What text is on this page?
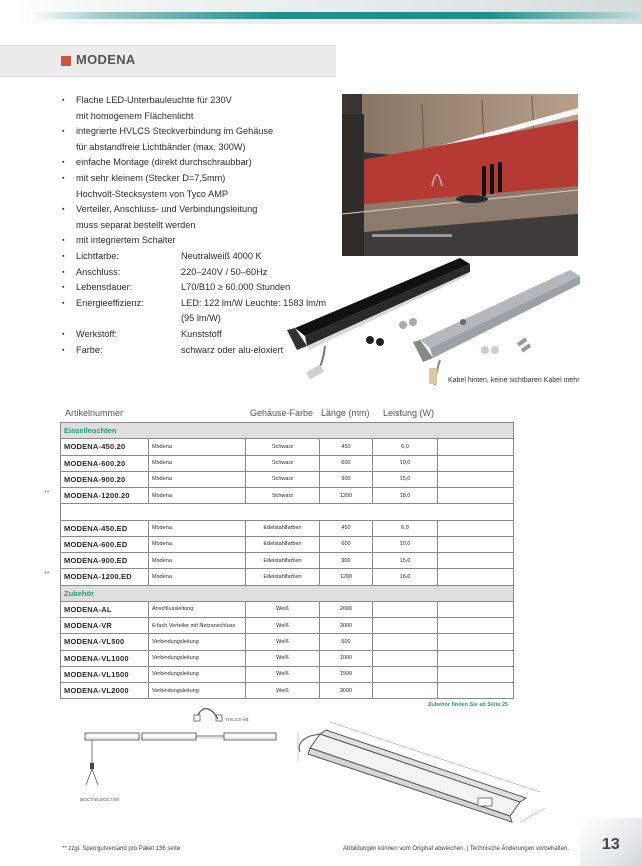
MODENA
▪	Flache LED-Unterbauleuchte für 230V
mit homogenem Flächenlicht
▪	integrierte HVLCS Steckverbindung im Gehäuse
für abstandfreie Lichtbänder (max. 300W)
▪	einfache Montage (direkt durchschraubbar)
▪	mit sehr kleinem (Stecker D=7,5mm)
Hochvolt-Stecksystem von Tyco AMP
▪	Verteiler, Anschluss- und Verbindungsleitung
muss separat bestellt werden
▪	mit integriertem Schalter
▪	Lichtfarbe:	Neutralweiß 4000 K
▪	Anschluss:	220–240V / 50–60Hz
▪	Lebensdauer:	L70/B10 ≥ 60.000 Stunden
▪	Energieeffizienz:	LED: 122 lm/W Leuchte: 1583 lm/m
(95 lm/W)
▪	Werkstoff:	Kunststoff
▪	Farbe:	schwarz oder alu-eloxiert
Kabel hinten, keine sichtbaren Kabel mehr
Artikelnummer	Gehäuse-Farbe Länge (mm) Leistung (W)
Einzelleuchten					
MODENA-450.20	Modena	Schwarz	450	6,0	
MODENA-600.20	Modena	Schwarz	600	10,0	
MODENA-900.20	Modena	Schwarz	900	15,0	
MODENA-1200.20	Modena	Schwarz	1200	18,0	

MODENA-450.ED	Modena	Edelstahlfarben	450	6,0	
MODENA-600.ED	Modena	Edelstahlfarben	600	10,0	
MODENA-900.ED	Modena	Edelstahlfarben	900	15,0	
MODENA-1200.ED	Modena	Edelstahlfarben	1200	18,0	
Zubehör					
MODENA-AL	Anschlussleitung	Weiß	2000		
MODENA-VR	6-fach Verteiler mit Netzanschluss	Weiß	2000		
MODENA-VL500	Verbindungsleitung	Weiß	500		
MODENA-VL1000	Verbindungsleitung	Weiß	1000		
MODENA-VL1500	Verbindungsleitung	Weiß	1500		
MODENA-VL2000	Verbindungsleitung	Weiß	2000		
**
**
Zubehör finden Sie ab Seite 25
HVLCS-VB
DOC7/45 DOC7/48
** zzgl. Sperrgutversand pro Paket 136 seite	Abbildungen können vom Original abweichen. | Technische Änderungen vorbehalten. 13
